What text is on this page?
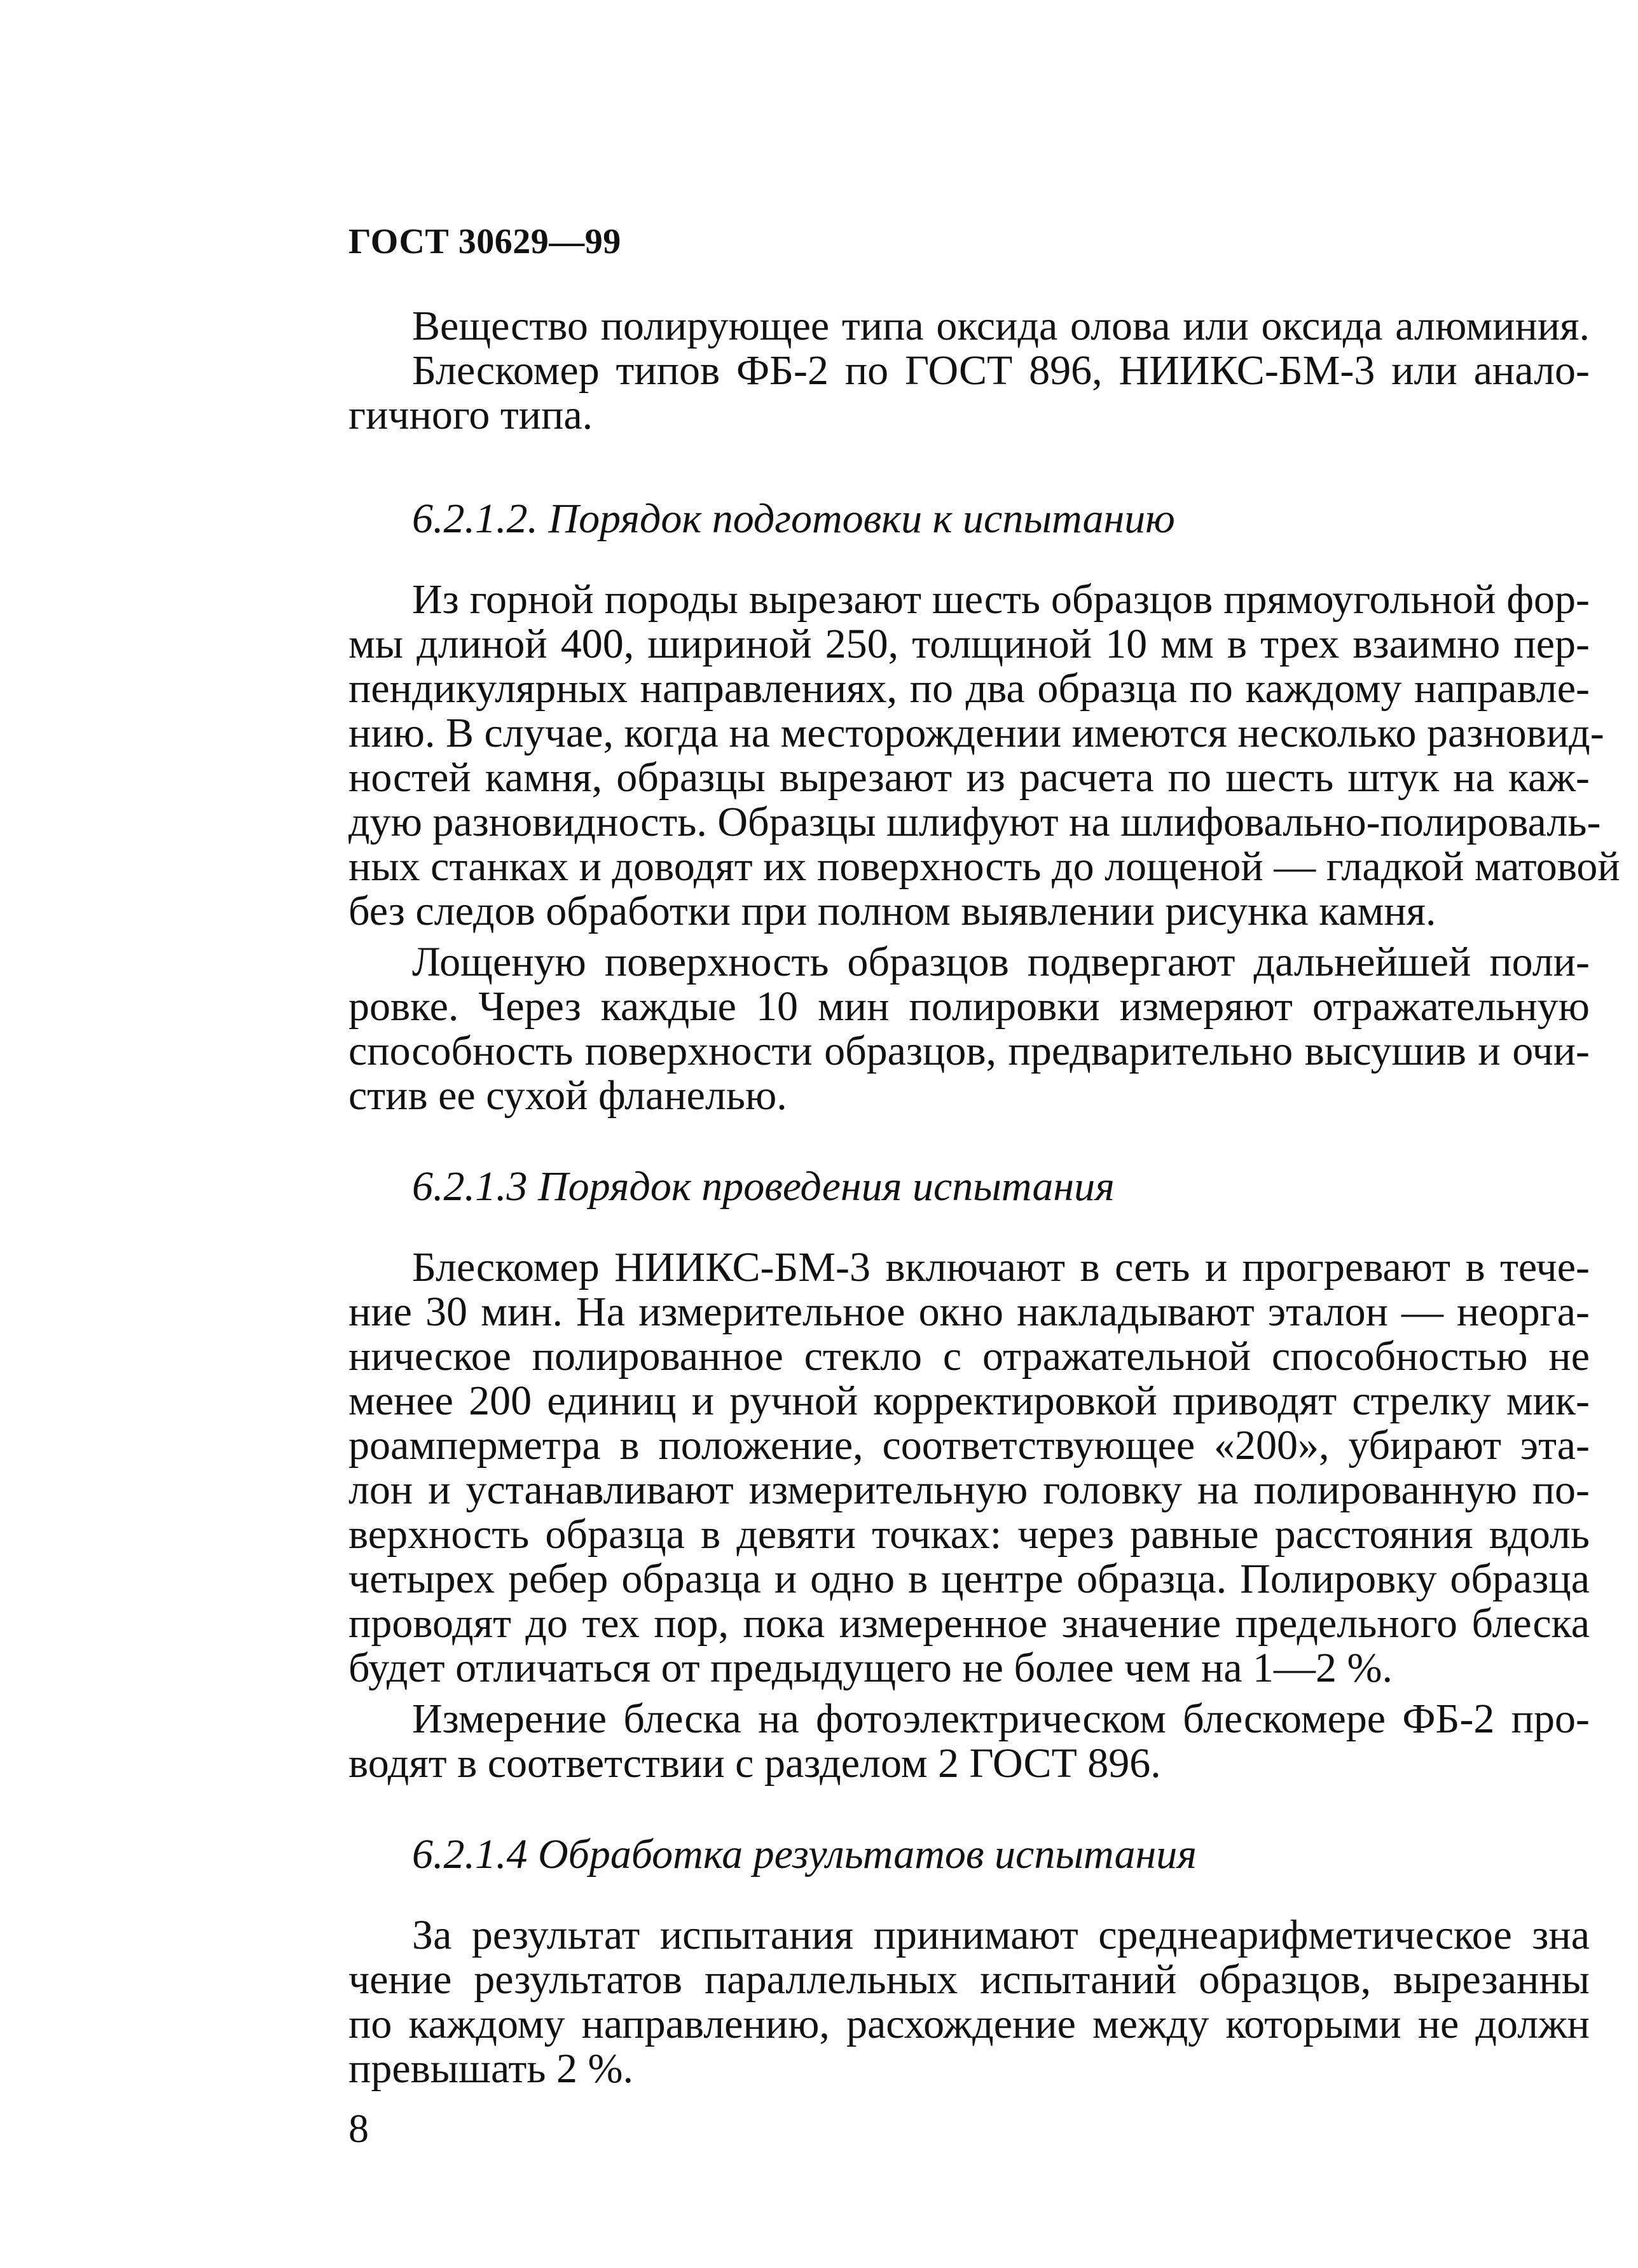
ГОСТ 30629—99
Вещество полирующее типа оксида олова или оксида алюминия.
Блескомер типов ФБ-2 по ГОСТ 896, НИИКС-БМ-3 или анало-
гичного типа.
6.2.1.2. Порядок подготовки к испытанию
Из горной породы вырезают шесть образцов прямоугольной фор-
мы длиной 400, шириной 250, толщиной 10 мм в трех взаимно пер-
пендикулярных направлениях, по два образца по каждому направле-
нию. В случае, когда на месторождении имеются несколько разновид-
ностей камня, образцы вырезают из расчета по шесть штук на каж-
дую разновидность. Образцы шлифуют на шлифовально-полироваль-
ных станках и доводят их поверхность до лощеной — гладкой матовой
без следов обработки при полном выявлении рисунка камня.
Лощеную поверхность образцов подвергают дальнейшей поли-
ровке. Через каждые 10 мин полировки измеряют отражательную
способность поверхности образцов, предварительно высушив и очи-
стив ее сухой фланелью.
6.2.1.3 Порядок проведения испытания
Блескомер НИИКС-БМ-3 включают в сеть и прогревают в тече-
ние 30 мин. На измерительное окно накладывают эталон — неорга-
ническое полированное стекло с отражательной способностью не
менее 200 единиц и ручной корректировкой приводят стрелку мик-
роамперметра в положение, соответствующее «200», убирают эта-
лон и устанавливают измерительную головку на полированную по-
верхность образца в девяти точках: через равные расстояния вдоль
четырех ребер образца и одно в центре образца. Полировку образца
проводят до тех пор, пока измеренное значение предельного блеска
будет отличаться от предыдущего не более чем на 1—2 %.
Измерение блеска на фотоэлектрическом блескомере ФБ-2 про-
водят в соответствии с разделом 2 ГОСТ 896.
6.2.1.4 Обработка результатов испытания
За результат испытания принимают среднеарифметическое зна
чение результатов параллельных испытаний образцов, вырезанны
по каждому направлению, расхождение между которыми не должн
превышать 2 %.
8
